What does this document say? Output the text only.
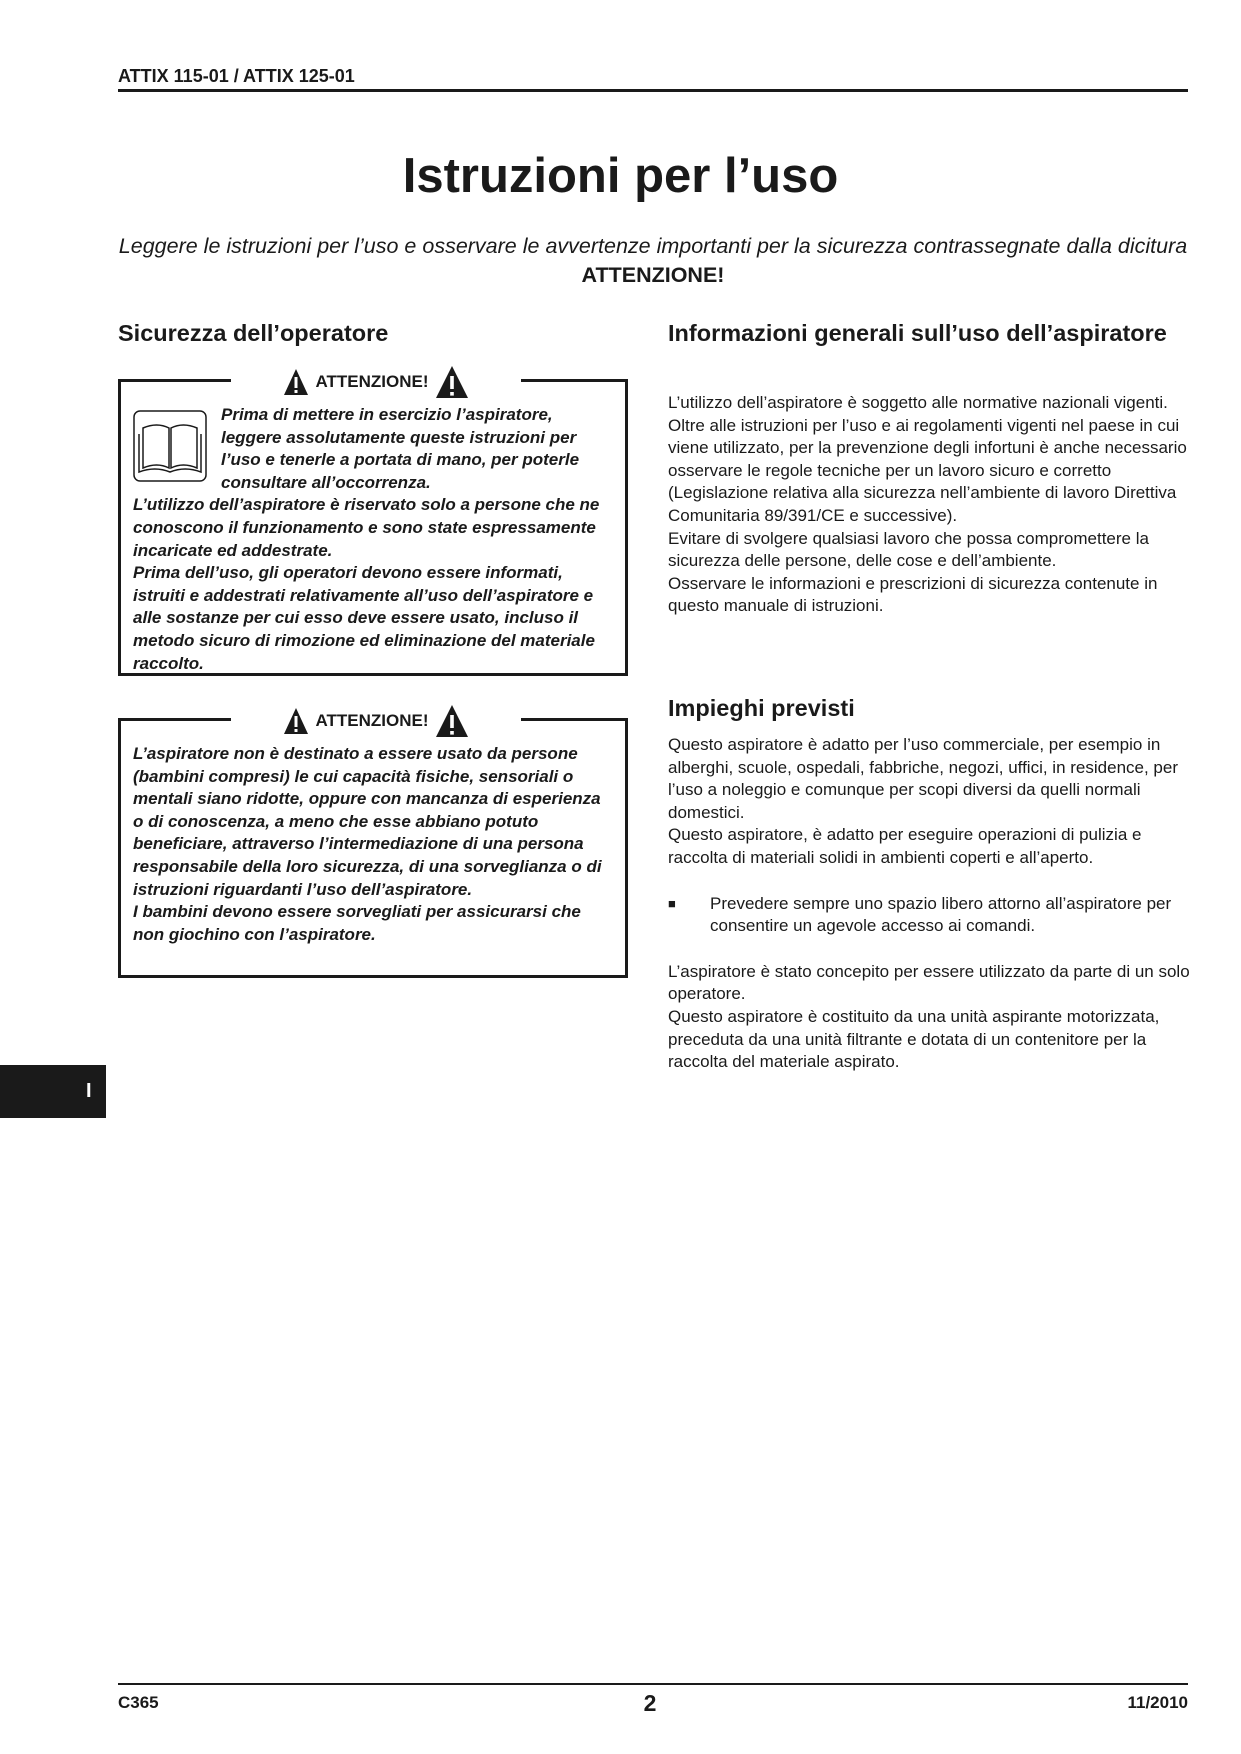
ATTIX 115-01 / ATTIX 125-01
Istruzioni per l’uso
Leggere le istruzioni per l’uso e osservare le avvertenze importanti per la sicurezza contrassegnate dalla dicitura ATTENZIONE!
Sicurezza dell’operatore
ATTENZIONE!

Prima di mettere in esercizio l’aspiratore, leggere assolutamente queste istruzioni per l’uso e tenerle a portata di mano, per poterle consultare all’occorrenza.

L’utilizzo dell’aspiratore è riservato solo a persone che ne conoscono il funzionamento e sono state espressamente incaricate ed addestrate.

Prima dell’uso, gli operatori devono essere informati, istruiti e addestrati relativamente all’uso dell’aspiratore e alle sostanze per cui esso deve essere usato, incluso il metodo sicuro di rimozione ed eliminazione del materiale raccolto.

ATTENZIONE!

L’aspiratore non è destinato a essere usato da persone (bambini compresi) le cui capacità fisiche, sensoriali o mentali siano ridotte, oppure con mancanza di esperienza o di conoscenza, a meno che esse abbiano potuto beneficiare, attraverso l’intermediazione di una persona responsabile della loro sicurezza, di una sorveglianza o di istruzioni riguardanti l’uso dell’aspiratore.

I bambini devono essere sorvegliati per assicurarsi che non giochino con l’aspiratore.

Informazioni generali sull’uso dell’aspiratore

L’utilizzo dell’aspiratore è soggetto alle normative nazionali vigenti.

Oltre alle istruzioni per l’uso e ai regolamenti vigenti nel paese in cui viene utilizzato, per la prevenzione degli infortuni è anche necessario osservare le regole tecniche per un lavoro sicuro e corretto (Legislazione relativa alla sicurezza nell’ambiente di lavoro Direttiva Comunitaria 89/391/CE e successive).

Evitare di svolgere qualsiasi lavoro che possa compromettere la sicurezza delle persone, delle cose e dell’ambiente.

Osservare le informazioni e prescrizioni di sicurezza contenute in questo manuale di istruzioni.

Impieghi previsti

Questo aspiratore è adatto per l’uso commerciale, per esempio in alberghi, scuole, ospedali, fabbriche, negozi, uffici, in residence, per l’uso a noleggio e comunque per scopi diversi da quelli normali domestici.

Questo aspiratore, è adatto per eseguire operazioni di pulizia e raccolta di materiali solidi in ambienti coperti e all’aperto.

■	Prevedere sempre uno spazio libero attorno all’aspiratore per consentire un agevole accesso ai comandi.

L’aspiratore è stato concepito per essere utilizzato da parte di un solo operatore.

Questo aspiratore è costituito da una unità aspirante motorizzata, preceduta da una unità filtrante e dotata di un contenitore per la raccolta del materiale aspirato.

I
C365	2	11/2010
